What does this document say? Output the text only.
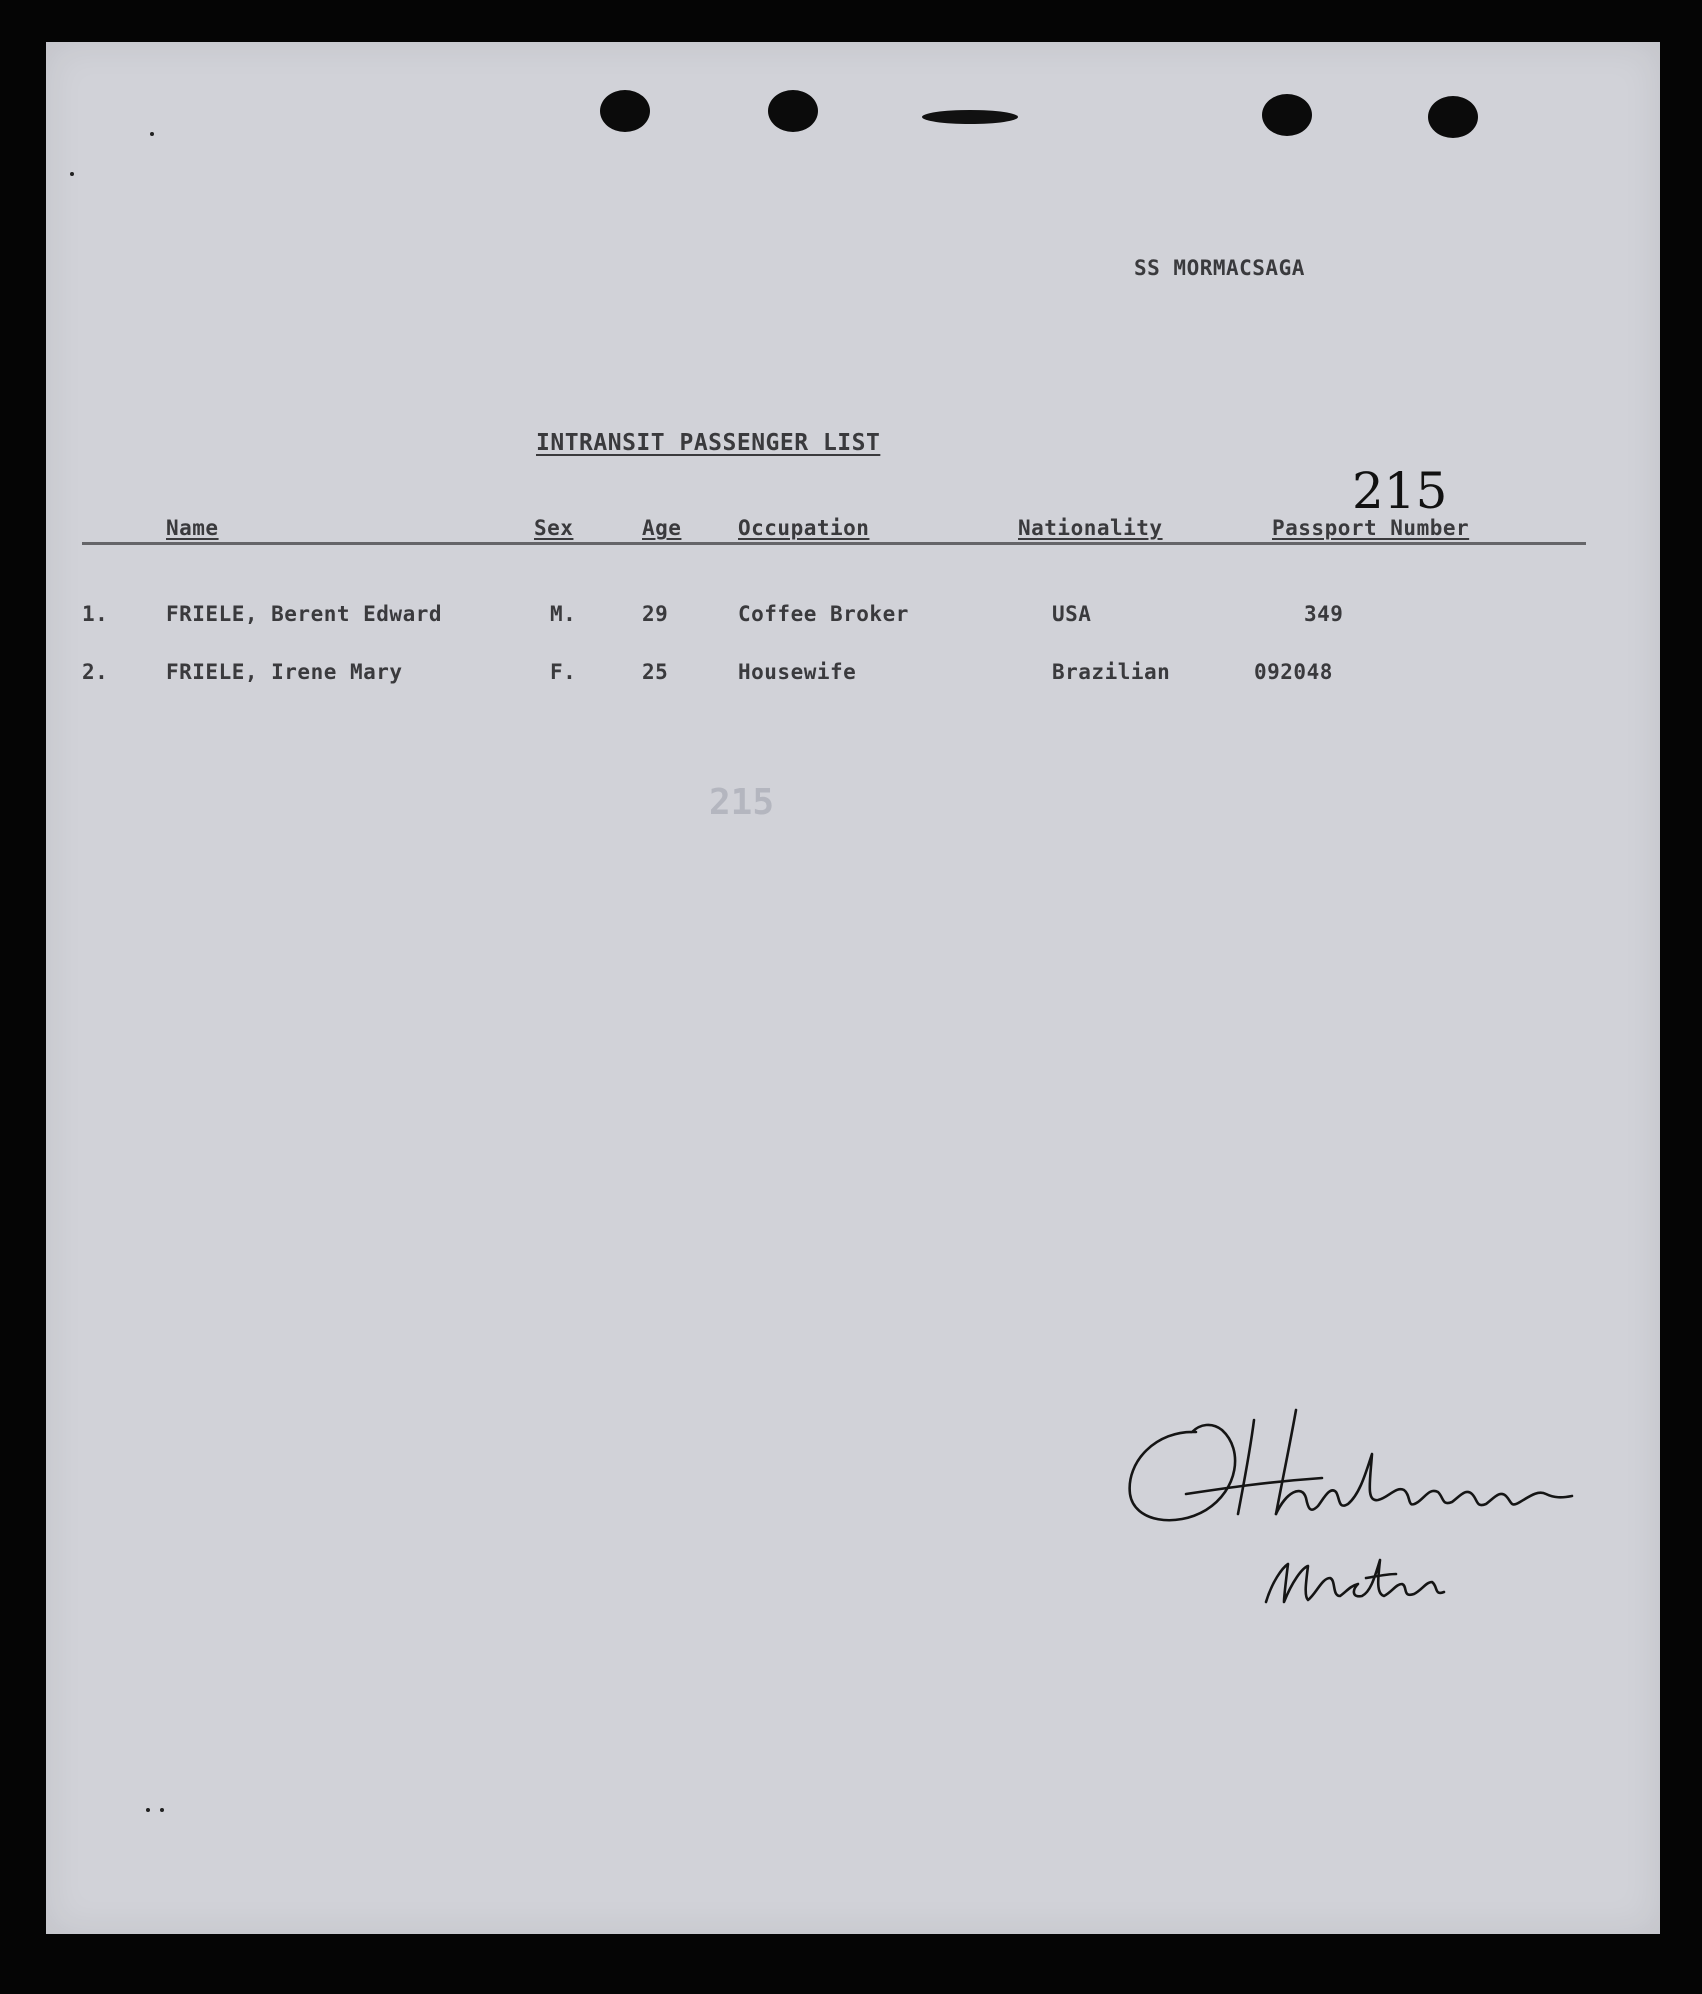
SS MORMACSAGA
INTRANSIT PASSENGER LIST
215
Name	Sex	Age	Occupation	Nationality	Passport Number
1.	FRIELE, Berent Edward	M.	29	Coffee Broker	USA	349
2.	FRIELE, Irene Mary	F.	25	Housewife	Brazilian	092048
215
